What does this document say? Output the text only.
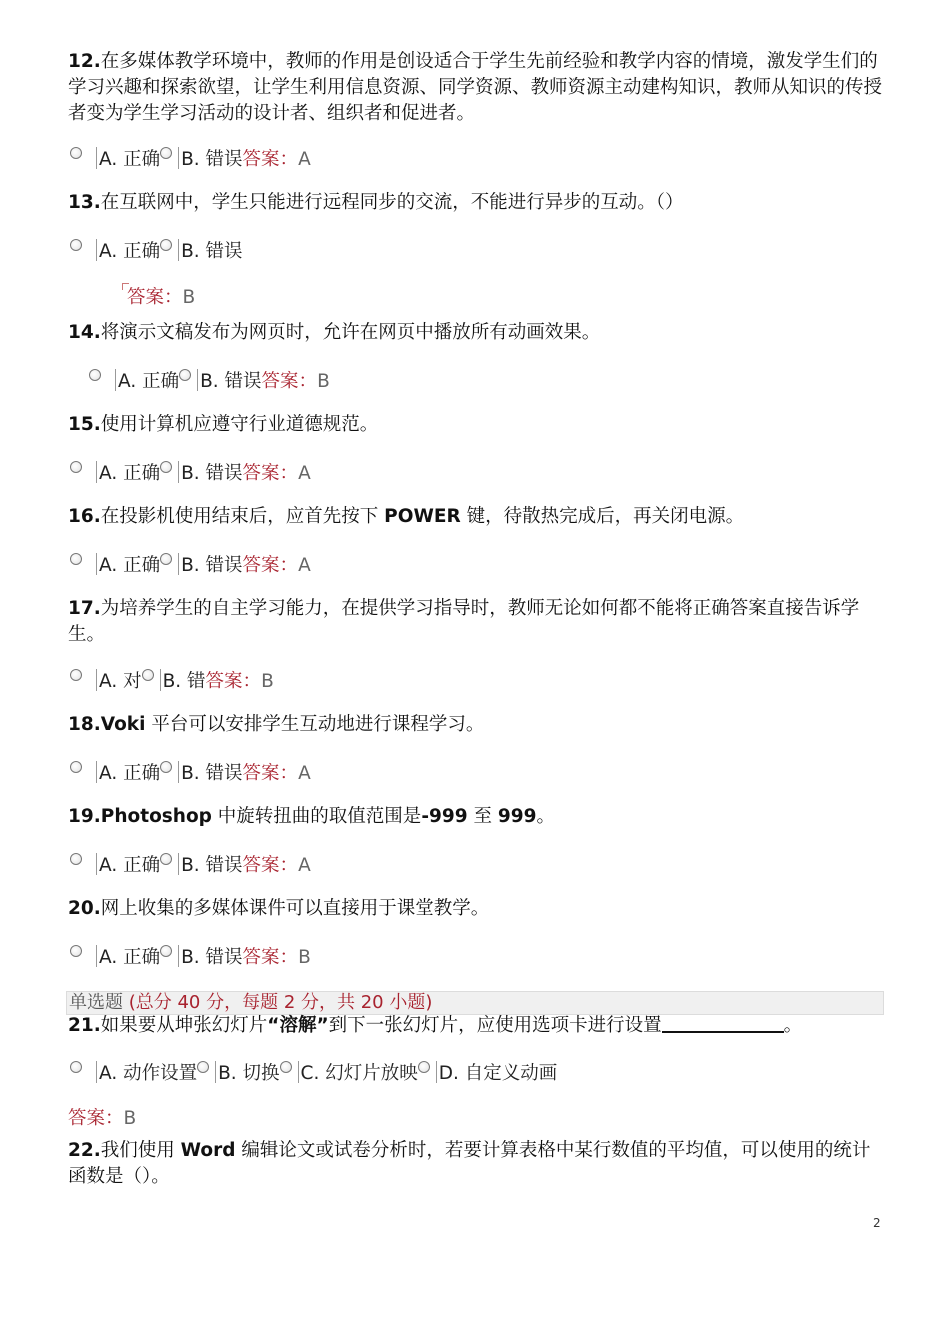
12.在多媒体教学环境中，教师的作用是创设适合于学生先前经验和教学内容的情境，激发学生们的学习兴趣和探索欲望，让学生利用信息资源、同学资源、教师资源主动建构知识，教师从知识的传授者变为学生学习活动的设计者、组织者和促进者。
A. 正确 B. 错误答案：A
13.在互联网中，学生只能进行远程同步的交流，不能进行异步的互动。（）
A. 正确 B. 错误
答案：B
14.将演示文稿发布为网页时，允许在网页中播放所有动画效果。
A. 正确 B. 错误答案：B
15.使用计算机应遵守行业道德规范。
A. 正确 B. 错误答案：A
16.在投影机使用结束后，应首先按下 POWER 键，待散热完成后，再关闭电源。
A. 正确 B. 错误答案：A
17.为培养学生的自主学习能力，在提供学习指导时，教师无论如何都不能将正确答案直接告诉学生。
A. 对 B. 错答案：B
18.Voki 平台可以安排学生互动地进行课程学习。
A. 正确 B. 错误答案：A
19.Photoshop 中旋转扭曲的取值范围是-999 至 999。
A. 正确 B. 错误答案：A
20.网上收集的多媒体课件可以直接用于课堂教学。
A. 正确 B. 错误答案：B
单选题 (总分 40 分，每题 2 分，共 20 小题)
21.如果要从坤张幻灯片“溶解”到下一张幻灯片，应使用选项卡进行设置	。
A. 动作设置 B. 切换 C. 幻灯片放映 D. 自定义动画
答案：B
22.我们使用 Word 编辑论文或试卷分析时，若要计算表格中某行数值的平均值，可以使用的统计函数是（）。
2
